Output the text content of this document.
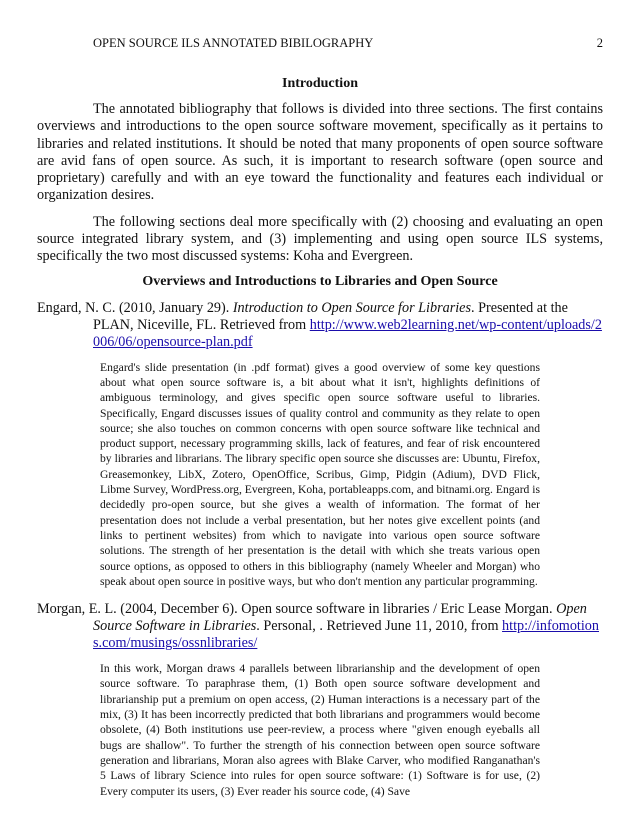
OPEN SOURCE ILS ANNOTATED BIBILOGRAPHY	2
Introduction

The annotated bibliography that follows is divided into three sections. The first contains overviews and introductions to the open source software movement, specifically as it pertains to libraries and related institutions. It should be noted that many proponents of open source software are avid fans of open source. As such, it is important to research software (open source and proprietary) carefully and with an eye toward the functionality and features each individual or organization desires.

The following sections deal more specifically with (2) choosing and evaluating an open source integrated library system, and (3) implementing and using open source ILS systems, specifically the two most discussed systems: Koha and Evergreen.

Overviews and Introductions to Libraries and Open Source

Engard, N. C. (2010, January 29). Introduction to Open Source for Libraries. Presented at the PLAN, Niceville, FL. Retrieved from http://www.web2learning.net/wp-content/uploads/2006/06/opensource-plan.pdf

Engard's slide presentation (in .pdf format) gives a good overview of some key questions about what open source software is, a bit about what it isn't, highlights definitions of ambiguous terminology, and gives specific open source software useful to libraries. Specifically, Engard discusses issues of quality control and community as they relate to open source; she also touches on common concerns with open source software like technical and product support, necessary programming skills, lack of features, and fear of risk encountered by libraries and librarians. The library specific open source she discusses are: Ubuntu, Firefox, Greasemonkey, LibX, Zotero, OpenOffice, Scribus, Gimp, Pidgin (Adium), DVD Flick, Libme Survey, WordPress.org, Evergreen, Koha, portableapps.com, and bitnami.org. Engard is decidedly pro-open source, but she gives a wealth of information. The format of her presentation does not include a verbal presentation, but her notes give excellent points (and links to pertinent websites) from which to navigate into various open source software solutions. The strength of her presentation is the detail with which she treats various open source options, as opposed to others in this bibliography (namely Wheeler and Morgan) who speak about open source in positive ways, but who don't mention any particular programming.

Morgan, E. L. (2004, December 6). Open source software in libraries / Eric Lease Morgan. Open Source Software in Libraries. Personal, . Retrieved June 11, 2010, from http://infomotions.com/musings/ossnlibraries/

In this work, Morgan draws 4 parallels between librarianship and the development of open source software. To paraphrase them, (1) Both open source software development and librarianship put a premium on open access, (2) Human interactions is a necessary part of the mix, (3) It has been incorrectly predicted that both librarians and programmers would become obsolete, (4) Both institutions use peer-review, a process where "given enough eyeballs all bugs are shallow". To further the strength of his connection between open source software generation and librarians, Moran also agrees with Blake Carver, who modified Ranganathan's 5 Laws of library Science into rules for open source software: (1) Software is for use, (2) Every computer its users, (3) Ever reader his source code, (4) Save
